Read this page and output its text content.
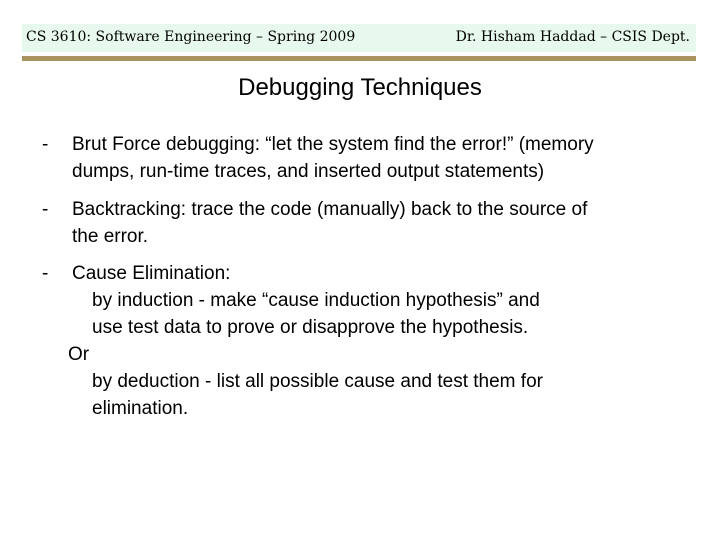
CS 3610: Software Engineering – Spring 2009	Dr. Hisham Haddad – CSIS Dept.
Debugging Techniques
- Brut Force debugging: “let the system find the error!” (memory
dumps, run-time traces, and inserted output statements)
- Backtracking: trace the code (manually) back to the source of
the error.
- Cause Elimination:
by induction - make “cause induction hypothesis” and
use test data to prove or disapprove the hypothesis.
Or
by deduction - list all possible cause and test them for
elimination.
